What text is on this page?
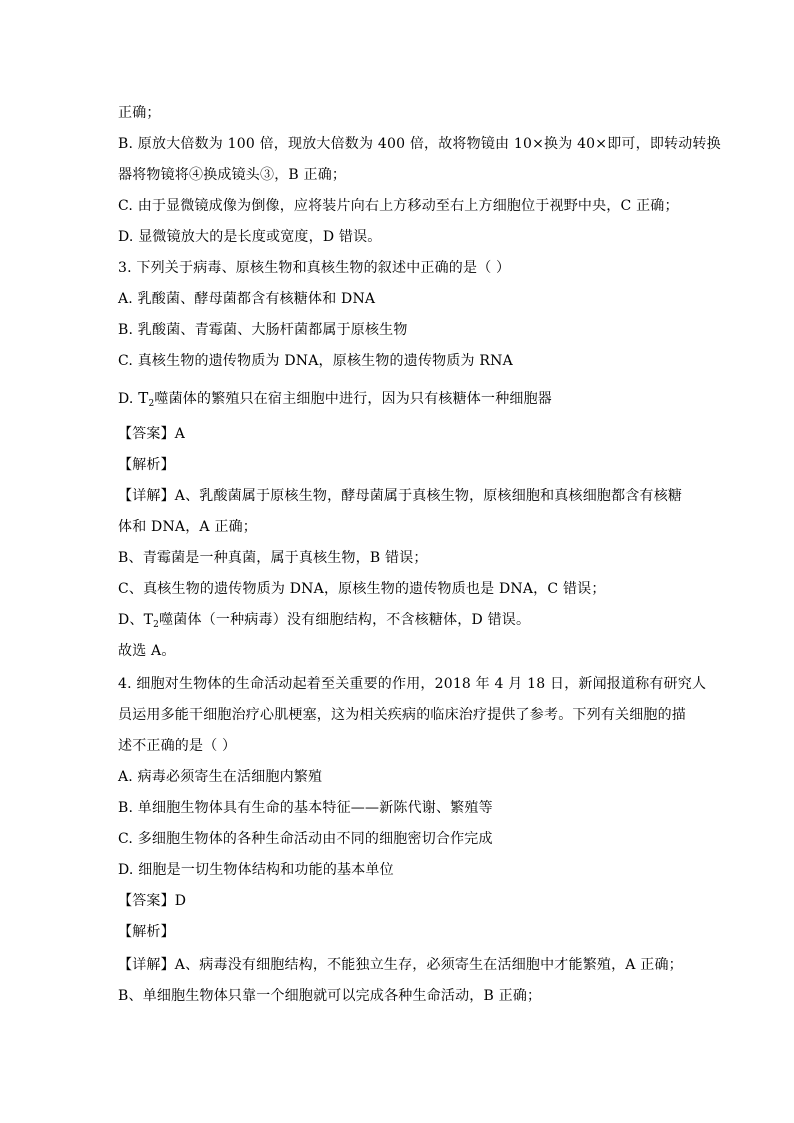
正确；
B. 原放大倍数为 100 倍，现放大倍数为 400 倍，故将物镜由 10×换为 40×即可，即转动转换
器将物镜将④换成镜头③，B 正确；
C. 由于显微镜成像为倒像，应将装片向右上方移动至右上方细胞位于视野中央，C 正确；
D. 显微镜放大的是长度或宽度，D 错误。
3. 下列关于病毒、原核生物和真核生物的叙述中正确的是（ ）
A. 乳酸菌、酵母菌都含有核糖体和 DNA
B. 乳酸菌、青霉菌、大肠杆菌都属于原核生物
C. 真核生物的遗传物质为 DNA，原核生物的遗传物质为 RNA
D. $T_2$噬菌体的繁殖只在宿主细胞中进行，因为只有核糖体一种细胞器
【答案】A
【解析】
【详解】A、乳酸菌属于原核生物，酵母菌属于真核生物，原核细胞和真核细胞都含有核糖
体和 DNA，A 正确；
B、青霉菌是一种真菌，属于真核生物，B 错误；
C、真核生物的遗传物质为 DNA，原核生物的遗传物质也是 DNA，C 错误；
D、$T_2$噬菌体（一种病毒）没有细胞结构，不含核糖体，D 错误。
故选 A。
4. 细胞对生物体的生命活动起着至关重要的作用，2018 年 4 月 18 日，新闻报道称有研究人
员运用多能干细胞治疗心肌梗塞，这为相关疾病的临床治疗提供了参考。下列有关细胞的描
述不正确的是（ ）
A. 病毒必须寄生在活细胞内繁殖
B. 单细胞生物体具有生命的基本特征——新陈代谢、繁殖等
C. 多细胞生物体的各种生命活动由不同的细胞密切合作完成
D. 细胞是一切生物体结构和功能的基本单位
【答案】D
【解析】
【详解】A、病毒没有细胞结构，不能独立生存，必须寄生在活细胞中才能繁殖，A 正确；
B、单细胞生物体只靠一个细胞就可以完成各种生命活动，B 正确；
